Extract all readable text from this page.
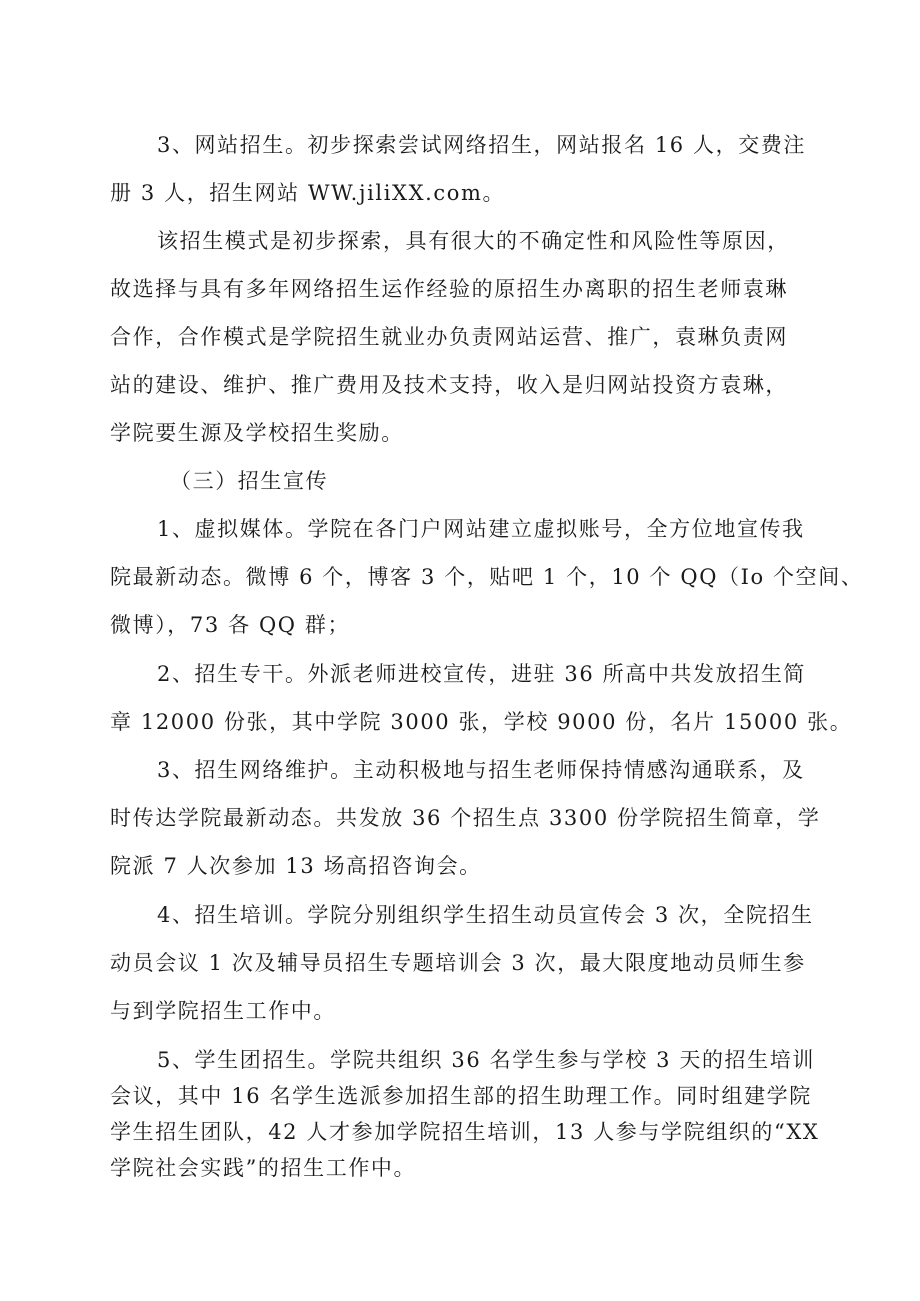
3、网站招生。初步探索尝试网络招生，网站报名 16 人，交费注
册 3 人，招生网站 WW.jiliXX.com。
该招生模式是初步探索，具有很大的不确定性和风险性等原因，
故选择与具有多年网络招生运作经验的原招生办离职的招生老师袁琳
合作，合作模式是学院招生就业办负责网站运营、推广，袁琳负责网
站的建设、维护、推广费用及技术支持，收入是归网站投资方袁琳，
学院要生源及学校招生奖励。
（三）招生宣传
1、虚拟媒体。学院在各门户网站建立虚拟账号，全方位地宣传我
院最新动态。微博 6 个，博客 3 个，贴吧 1 个，10 个 QQ（Io 个空间、
微博），73 各 QQ 群；
2、招生专干。外派老师进校宣传，进驻 36 所高中共发放招生简
章 12000 份张，其中学院 3000 张，学校 9000 份，名片 15000 张。
3、招生网络维护。主动积极地与招生老师保持情感沟通联系，及
时传达学院最新动态。共发放 36 个招生点 3300 份学院招生简章，学
院派 7 人次参加 13 场高招咨询会。
4、招生培训。学院分别组织学生招生动员宣传会 3 次，全院招生
动员会议 1 次及辅导员招生专题培训会 3 次，最大限度地动员师生参
与到学院招生工作中。
5、学生团招生。学院共组织 36 名学生参与学校 3 天的招生培训
会议，其中 16 名学生选派参加招生部的招生助理工作。同时组建学院
学生招生团队，42 人才参加学院招生培训，13 人参与学院组织的“XX
学院社会实践”的招生工作中。
